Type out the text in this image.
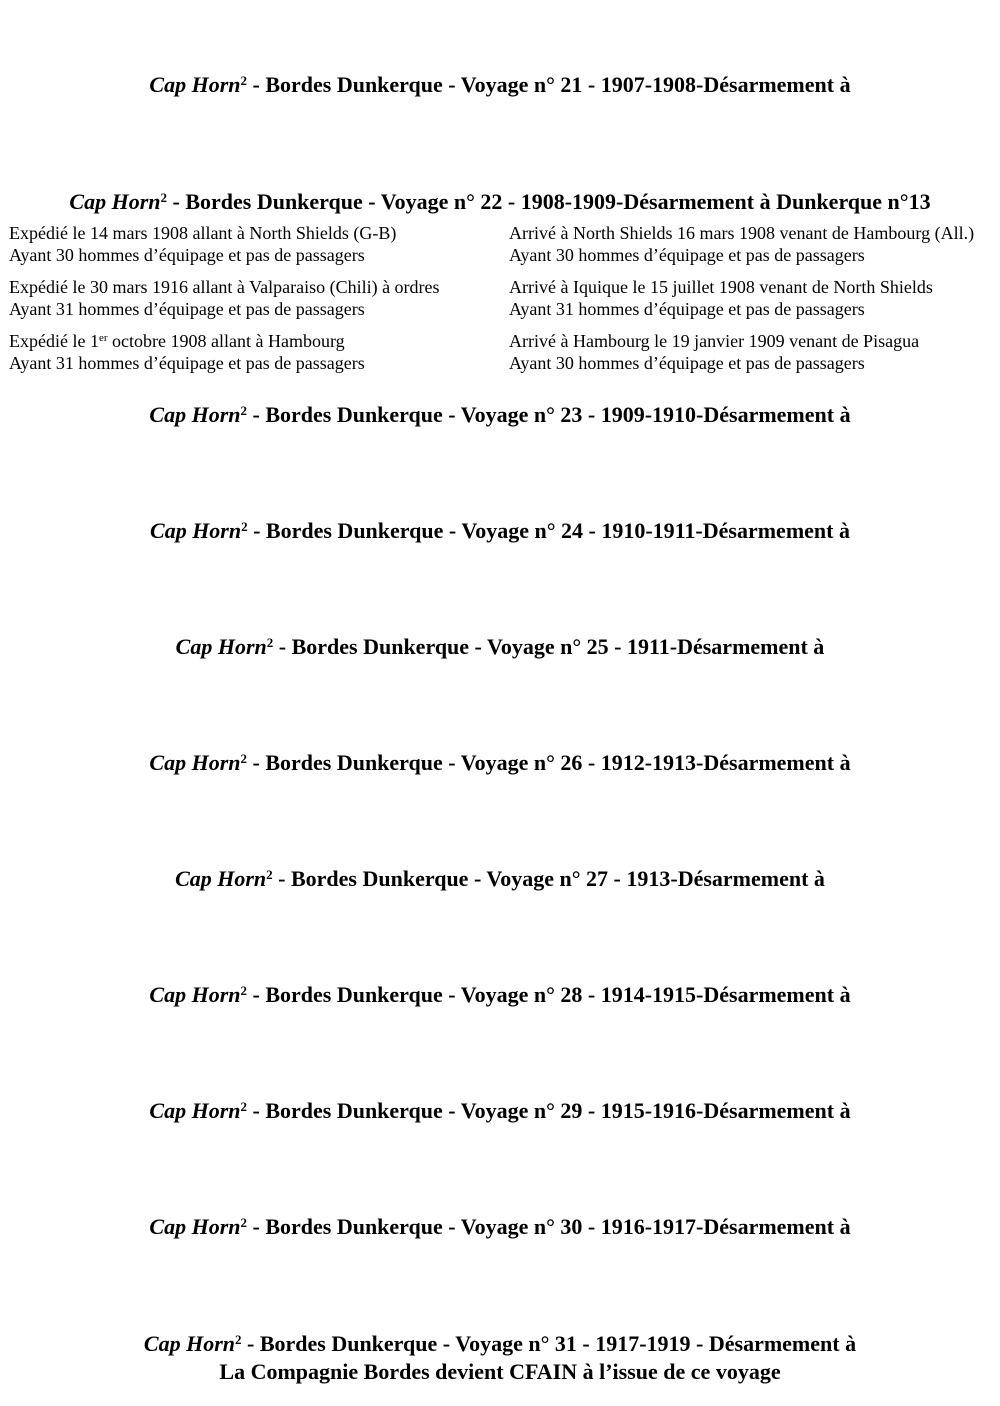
Cap Horn$^2$ - Bordes Dunkerque - Voyage n° 21 - 1907-1908-Désarmement à
Cap Horn$^2$ - Bordes Dunkerque - Voyage n° 22 - 1908-1909-Désarmement à Dunkerque n°13
Expédié le 14 mars 1908 allant à North Shields (G-B)
Ayant 30 hommes d’équipage et pas de passagers
Arrivé à North Shields 16 mars 1908 venant de Hambourg (All.)
Ayant 30 hommes d’équipage et pas de passagers
Expédié le 30 mars 1916 allant à Valparaiso (Chili) à ordres
Ayant 31 hommes d’équipage et pas de passagers
Arrivé à Iquique le 15 juillet 1908 venant de North Shields
Ayant 31 hommes d’équipage et pas de passagers
Expédié le 1er octobre 1908 allant à Hambourg
Ayant 31 hommes d’équipage et pas de passagers
Arrivé à Hambourg le 19 janvier 1909 venant de Pisagua
Ayant 30 hommes d’équipage et pas de passagers
Cap Horn$^2$ - Bordes Dunkerque - Voyage n° 23 - 1909-1910-Désarmement à
Cap Horn$^2$ - Bordes Dunkerque - Voyage n° 24 - 1910-1911-Désarmement à
Cap Horn$^2$ - Bordes Dunkerque - Voyage n° 25 - 1911-Désarmement à
Cap Horn$^2$ - Bordes Dunkerque - Voyage n° 26 - 1912-1913-Désarmement à
Cap Horn$^2$ - Bordes Dunkerque - Voyage n° 27 - 1913-Désarmement à
Cap Horn$^2$ - Bordes Dunkerque - Voyage n° 28 - 1914-1915-Désarmement à
Cap Horn$^2$ - Bordes Dunkerque - Voyage n° 29 - 1915-1916-Désarmement à
Cap Horn$^2$ - Bordes Dunkerque - Voyage n° 30 - 1916-1917-Désarmement à
Cap Horn$^2$ - Bordes Dunkerque - Voyage n° 31 - 1917-1919 - Désarmement à
La Compagnie Bordes devient CFAIN à l’issue de ce voyage
